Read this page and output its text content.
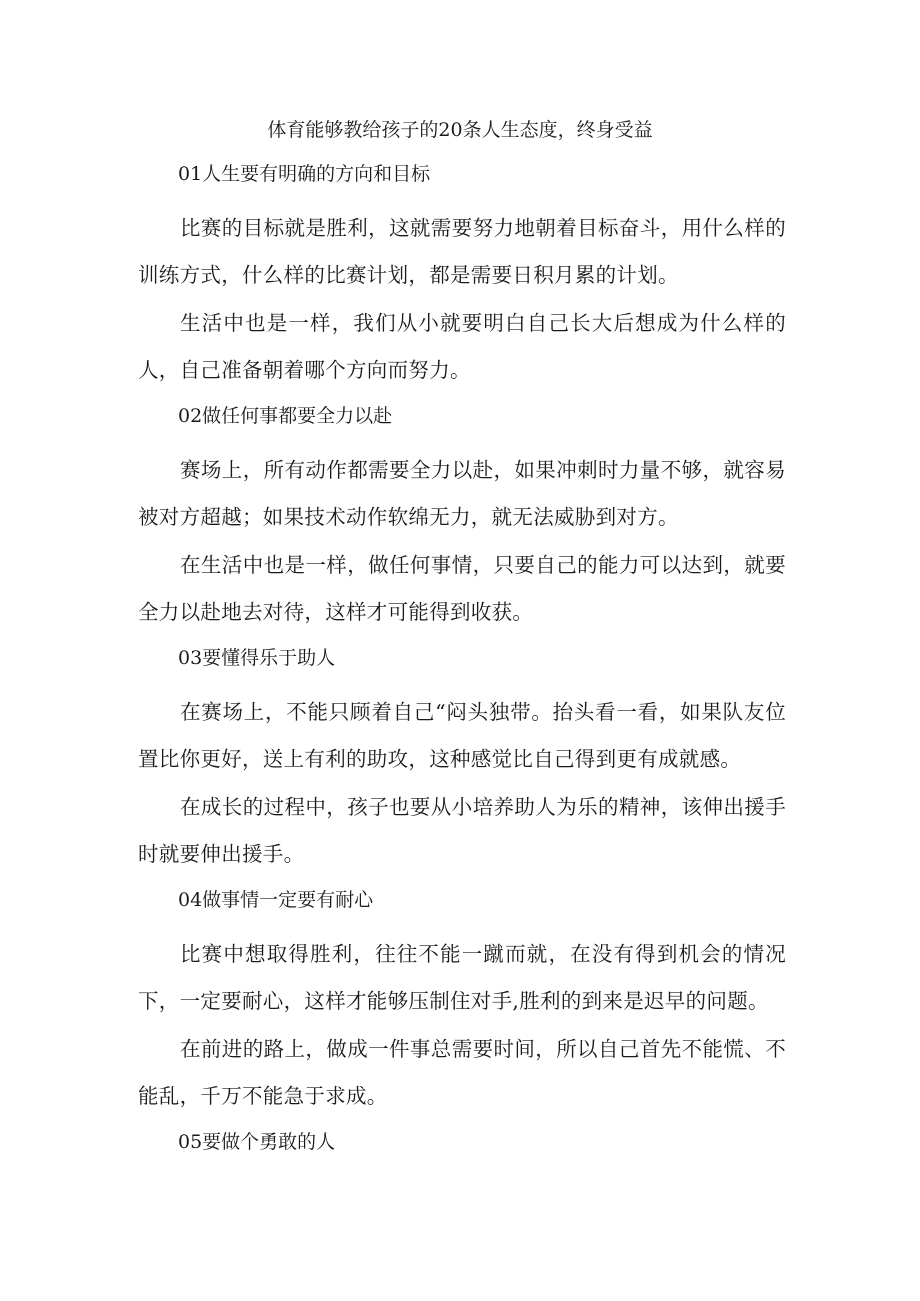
体育能够教给孩子的20条人生态度，终身受益
01人生要有明确的方向和目标

比赛的目标就是胜利，这就需要努力地朝着目标奋斗，用什么样的训练方式，什么样的比赛计划，都是需要日积月累的计划。

生活中也是一样，我们从小就要明白自己长大后想成为什么样的人，自己准备朝着哪个方向而努力。

02做任何事都要全力以赴

赛场上，所有动作都需要全力以赴，如果冲刺时力量不够，就容易被对方超越；如果技术动作软绵无力，就无法威胁到对方。

在生活中也是一样，做任何事情，只要自己的能力可以达到，就要全力以赴地去对待，这样才可能得到收获。

03要懂得乐于助人

在赛场上，不能只顾着自己“闷头独带。抬头看一看，如果队友位置比你更好，送上有利的助攻，这种感觉比自己得到更有成就感。

在成长的过程中，孩子也要从小培养助人为乐的精神，该伸出援手时就要伸出援手。

04做事情一定要有耐心

比赛中想取得胜利，往往不能一蹴而就，在没有得到机会的情况下，一定要耐心，这样才能够压制住对手,胜利的到来是迟早的问题。

在前进的路上，做成一件事总需要时间，所以自己首先不能慌、不能乱，千万不能急于求成。

05要做个勇敢的人
